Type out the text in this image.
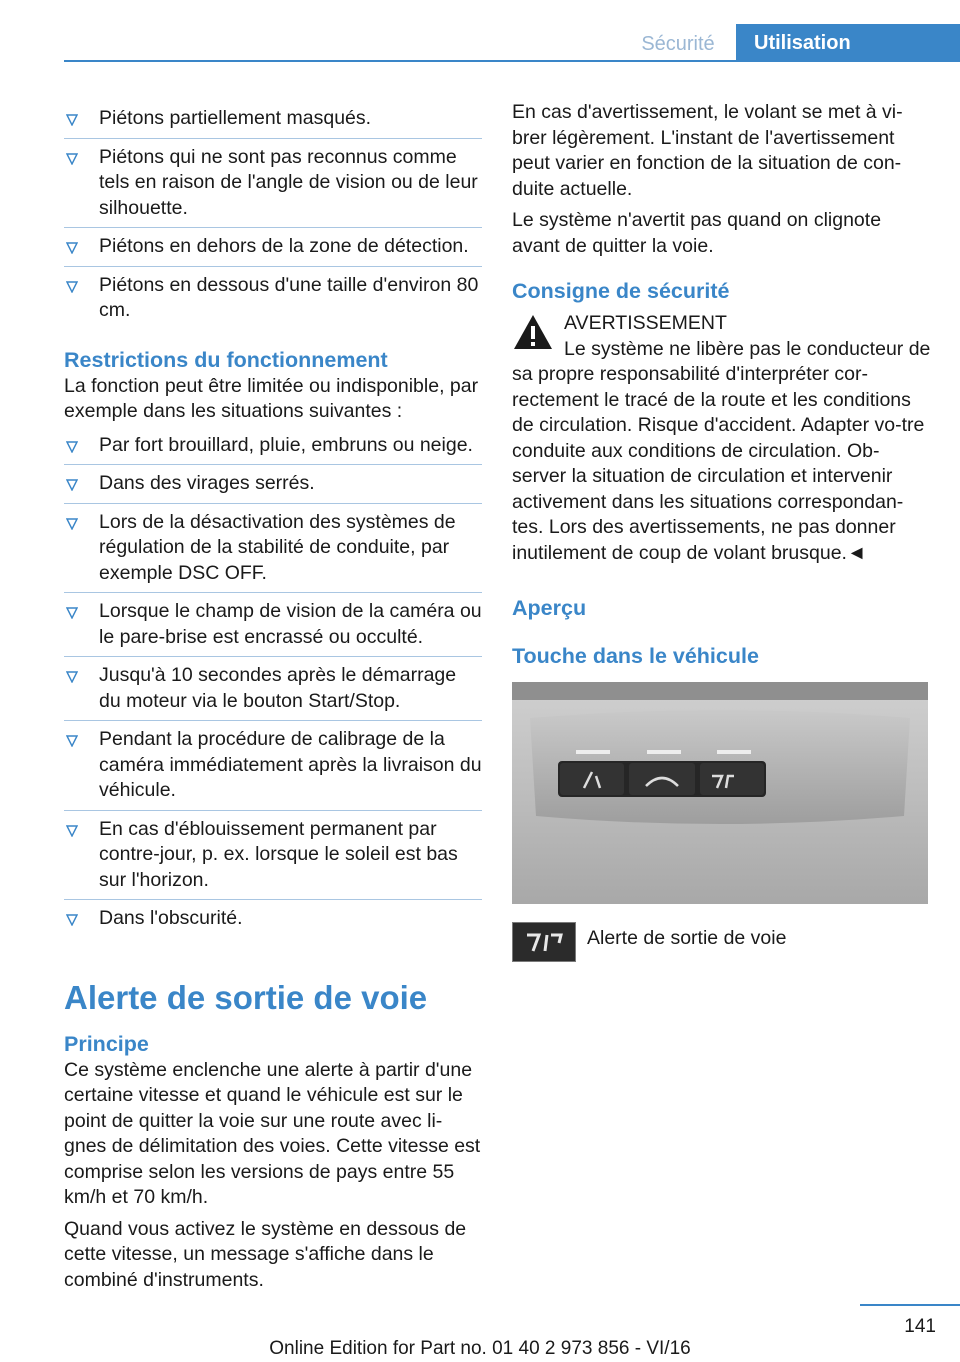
Sécurité	Utilisation
Piétons partiellement masqués.
Piétons qui ne sont pas reconnus comme tels en raison de l'angle de vision ou de leur silhouette.
Piétons en dehors de la zone de détection.
Piétons en dessous d'une taille d'environ 80 cm.
Restrictions du fonctionnement

La fonction peut être limitée ou indisponible, par exemple dans les situations suivantes :

Par fort brouillard, pluie, embruns ou neige.
Dans des virages serrés.
Lors de la désactivation des systèmes de régulation de la stabilité de conduite, par exemple DSC OFF.
Lorsque le champ de vision de la caméra ou le pare-brise est encrassé ou occulté.
Jusqu'à 10 secondes après le démarrage du moteur via le bouton Start/Stop.
Pendant la procédure de calibrage de la caméra immédiatement après la livraison du véhicule.
En cas d'éblouissement permanent par contre-jour, p. ex. lorsque le soleil est bas sur l'horizon.
Dans l'obscurité.
Alerte de sortie de voie
Principe

Ce système enclenche une alerte à partir d'une certaine vitesse et quand le véhicule est sur le point de quitter la voie sur une route avec li-gnes de délimitation des voies. Cette vitesse est comprise selon les versions de pays entre 55 km/h et 70 km/h.

Quand vous activez le système en dessous de cette vitesse, un message s'affiche dans le combiné d'instruments.

En cas d'avertissement, le volant se met à vi-brer légèrement. L'instant de l'avertissement peut varier en fonction de la situation de con-duite actuelle.

Le système n'avertit pas quand on clignote avant de quitter la voie.

Consigne de sécurité
AVERTISSEMENT

Le système ne libère pas le conducteur de sa propre responsabilité d'interpréter cor-rectement le tracé de la route et les conditions de circulation. Risque d'accident. Adapter vo-tre conduite aux conditions de circulation. Ob-server la situation de circulation et intervenir activement dans les situations correspondan-tes. Lors des avertissements, ne pas donner inutilement de coup de volant brusque.◄

Aperçu
Touche dans le véhicule
Alerte de sortie de voie
141
Online Edition for Part no. 01 40 2 973 856 - VI/16
